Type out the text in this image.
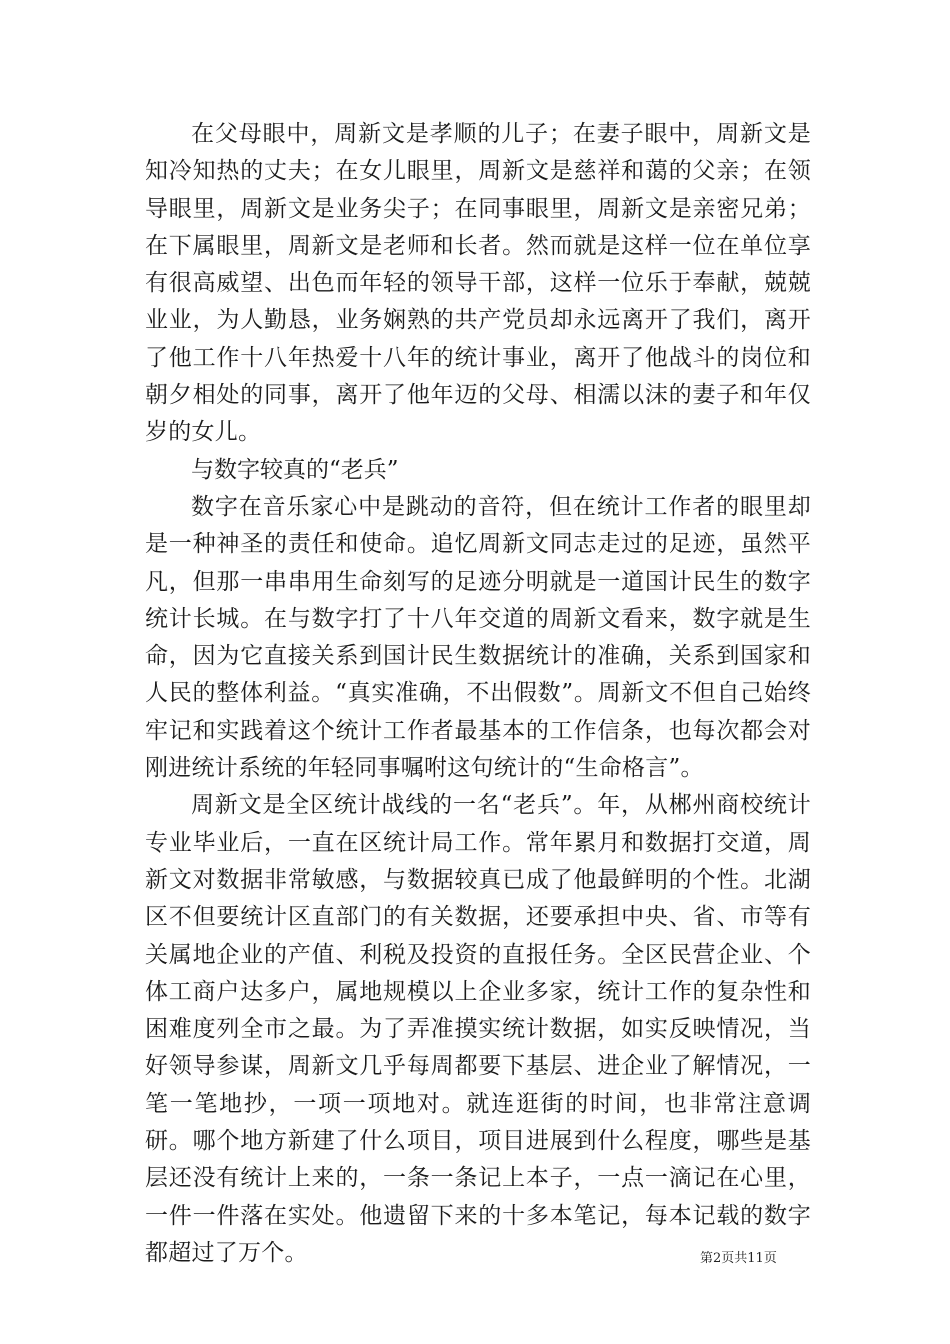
在父母眼中，周新文是孝顺的儿子；在妻子眼中，周新文是知冷知热的丈夫；在女儿眼里，周新文是慈祥和蔼的父亲；在领导眼里，周新文是业务尖子；在同事眼里，周新文是亲密兄弟；在下属眼里，周新文是老师和长者。然而就是这样一位在单位享有很高威望、出色而年轻的领导干部，这样一位乐于奉献，兢兢业业，为人勤恳，业务娴熟的共产党员却永远离开了我们，离开了他工作十八年热爱十八年的统计事业，离开了他战斗的岗位和朝夕相处的同事，离开了他年迈的父母、相濡以沫的妻子和年仅岁的女儿。

与数字较真的“老兵”

数字在音乐家心中是跳动的音符，但在统计工作者的眼里却是一种神圣的责任和使命。追忆周新文同志走过的足迹，虽然平凡，但那一串串用生命刻写的足迹分明就是一道国计民生的数字统计长城。在与数字打了十八年交道的周新文看来，数字就是生命，因为它直接关系到国计民生数据统计的准确，关系到国家和人民的整体利益。“真实准确，不出假数”。周新文不但自己始终牢记和实践着这个统计工作者最基本的工作信条，也每次都会对刚进统计系统的年轻同事嘱咐这句统计的“生命格言”。

周新文是全区统计战线的一名“老兵”。年，从郴州商校统计专业毕业后，一直在区统计局工作。常年累月和数据打交道，周新文对数据非常敏感，与数据较真已成了他最鲜明的个性。北湖区不但要统计区直部门的有关数据，还要承担中央、省、市等有关属地企业的产值、利税及投资的直报任务。全区民营企业、个体工商户达多户，属地规模以上企业多家，统计工作的复杂性和困难度列全市之最。为了弄准摸实统计数据，如实反映情况，当好领导参谋，周新文几乎每周都要下基层、进企业了解情况，一笔一笔地抄，一项一项地对。就连逛街的时间，也非常注意调研。哪个地方新建了什么项目，项目进展到什么程度，哪些是基层还没有统计上来的，一条一条记上本子，一点一滴记在心里，一件一件落在实处。他遗留下来的十多本笔记，每本记载的数字都超过了万个。	第2页共11页
